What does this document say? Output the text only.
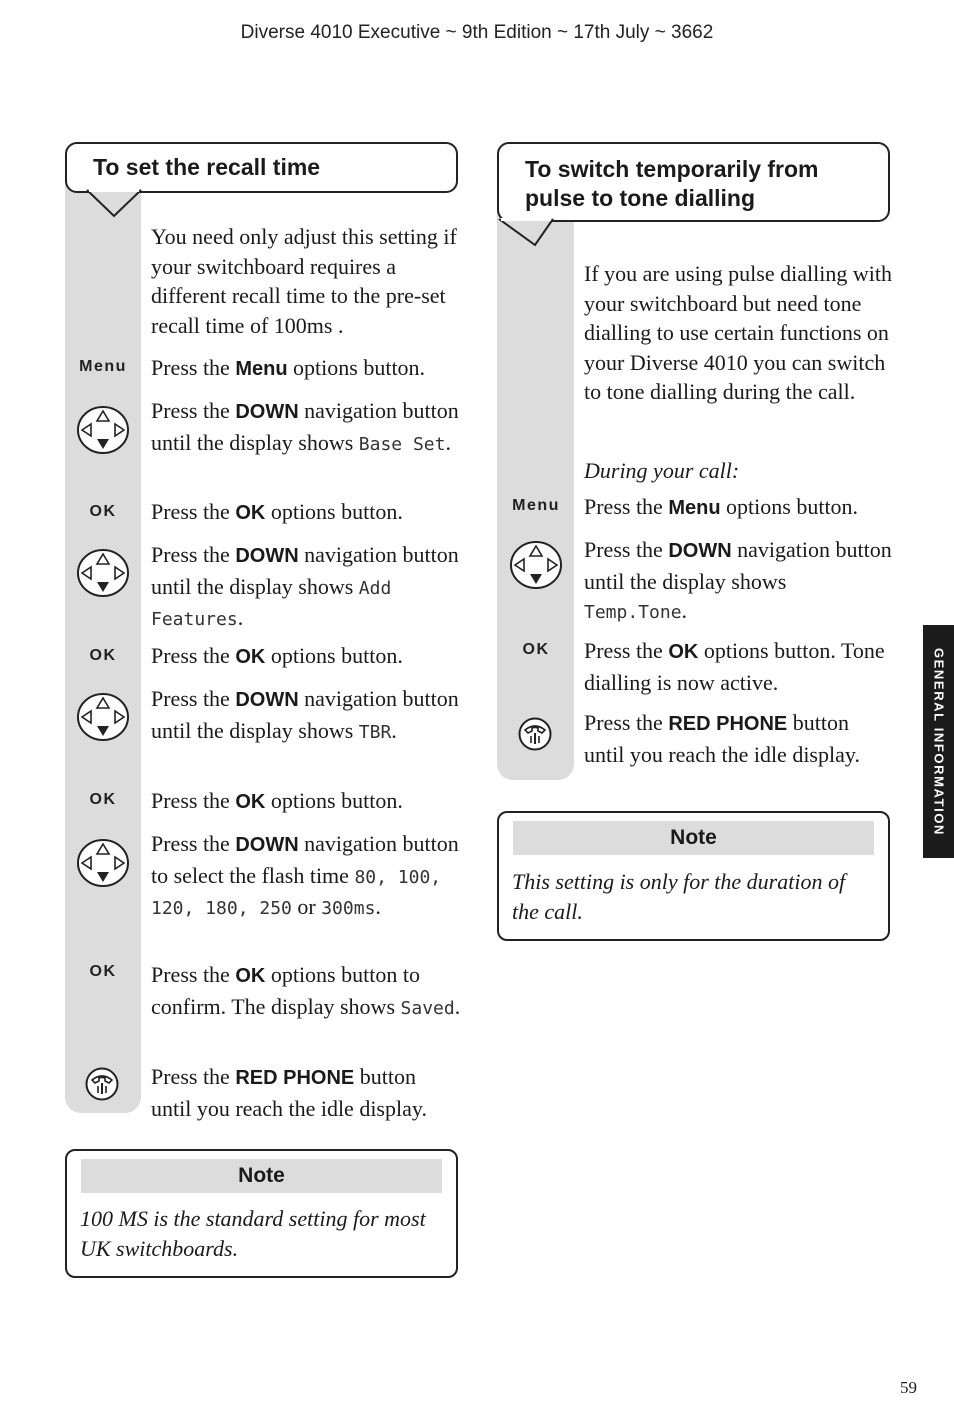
Diverse 4010 Executive ~ 9th Edition ~ 17th July ~ 3662
To set the recall time
You need only adjust this setting if your switchboard requires a different recall time to the pre-set recall time of 100ms .
Menu	Press the Menu options button.
Press the DOWN navigation button until the display shows Base Set.
OK	Press the OK options button.
Press the DOWN navigation button until the display shows Add Features.
OK	Press the OK options button.
Press the DOWN navigation button until the display shows TBR.
OK	Press the OK options button.
Press the DOWN navigation button to select the flash time 80, 100, 120, 180, 250 or 300ms.
OK	Press the OK options button to confirm. The display shows Saved.
Press the RED PHONE button until you reach the idle display.
Note
100 MS is the standard setting for most UK switchboards.
To switch temporarily from pulse to tone dialling
If you are using pulse dialling with your switchboard but need tone dialling to use certain functions on your Diverse 4010 you can switch to tone dialling during the call.
During your call:
Menu	Press the Menu options button.
Press the DOWN navigation button until the display shows Temp.Tone.
OK	Press the OK options button. Tone dialling is now active.
Press the RED PHONE button until you reach the idle display.
Note
This setting is only for the duration of the call.
GENERAL INFORMATION
59
